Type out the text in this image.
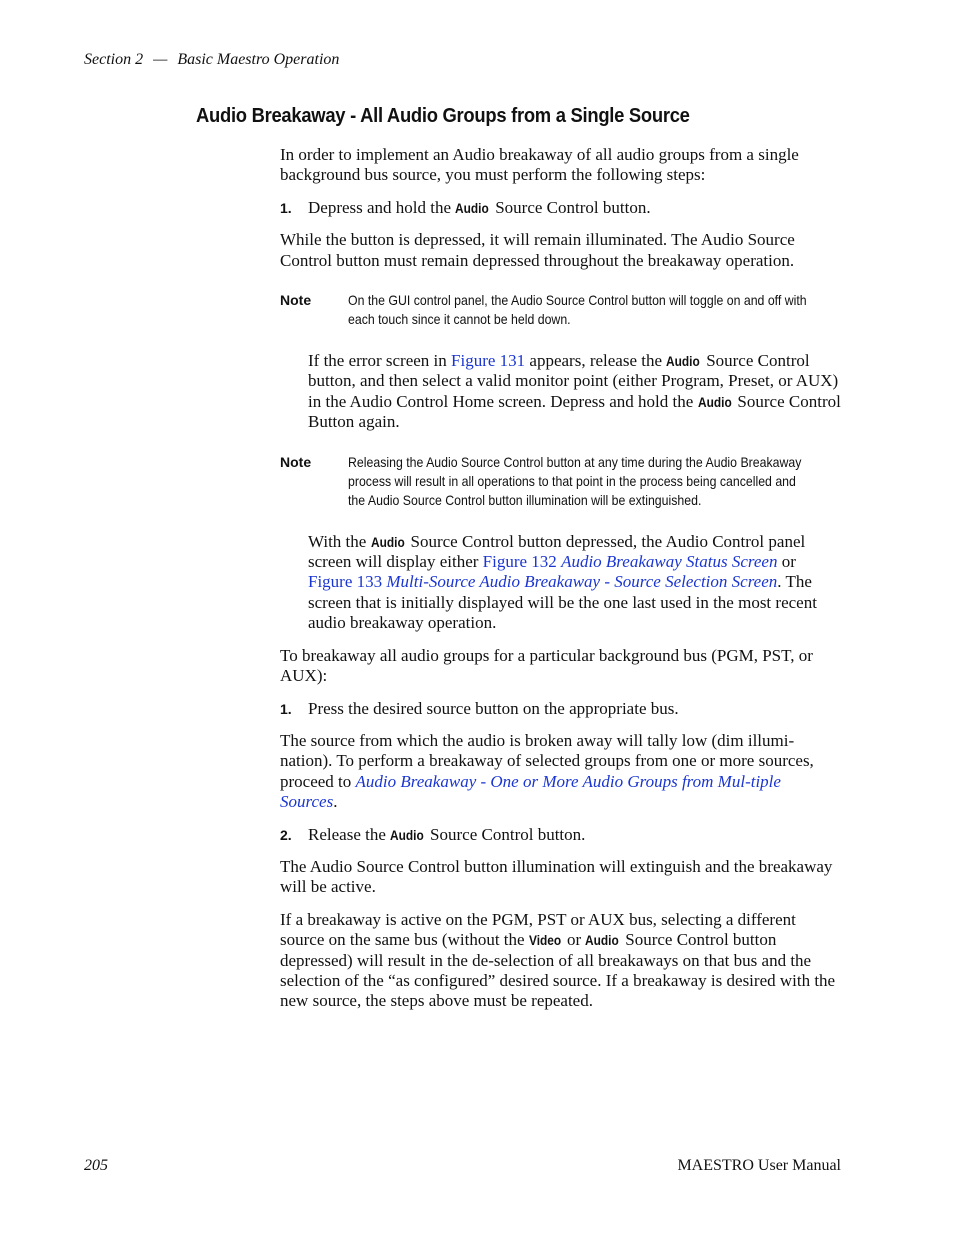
Section 2 — Basic Maestro Operation
Audio Breakaway - All Audio Groups from a Single Source

In order to implement an Audio breakaway of all audio groups from a single background bus source, you must perform the following steps:

1. Depress and hold the Audio Source Control button.

While the button is depressed, it will remain illuminated. The Audio Source Control button must remain depressed throughout the breakaway operation.

Note	On the GUI control panel, the Audio Source Control button will toggle on and off with each touch since it cannot be held down.

If the error screen in Figure 131 appears, release the Audio Source Control button, and then select a valid monitor point (either Program, Preset, or AUX) in the Audio Control Home screen. Depress and hold the Audio Source Control Button again.

Note	Releasing the Audio Source Control button at any time during the Audio Breakaway process will result in all operations to that point in the process being cancelled and the Audio Source Control button illumination will be extinguished.

With the Audio Source Control button depressed, the Audio Control panel screen will display either Figure 132 Audio Breakaway Status Screen or Figure 133 Multi-Source Audio Breakaway - Source Selection Screen. The screen that is initially displayed will be the one last used in the most recent audio breakaway operation.

To breakaway all audio groups for a particular background bus (PGM, PST, or AUX):

1. Press the desired source button on the appropriate bus.

The source from which the audio is broken away will tally low (dim illumi-nation). To perform a breakaway of selected groups from one or more sources, proceed to Audio Breakaway - One or More Audio Groups from Mul-tiple Sources.

2. Release the Audio Source Control button.

The Audio Source Control button illumination will extinguish and the breakaway will be active.

If a breakaway is active on the PGM, PST or AUX bus, selecting a different source on the same bus (without the Video or Audio Source Control button depressed) will result in the de-selection of all breakaways on that bus and the selection of the “as configured” desired source. If a breakaway is desired with the new source, the steps above must be repeated.

205	MAESTRO User Manual
